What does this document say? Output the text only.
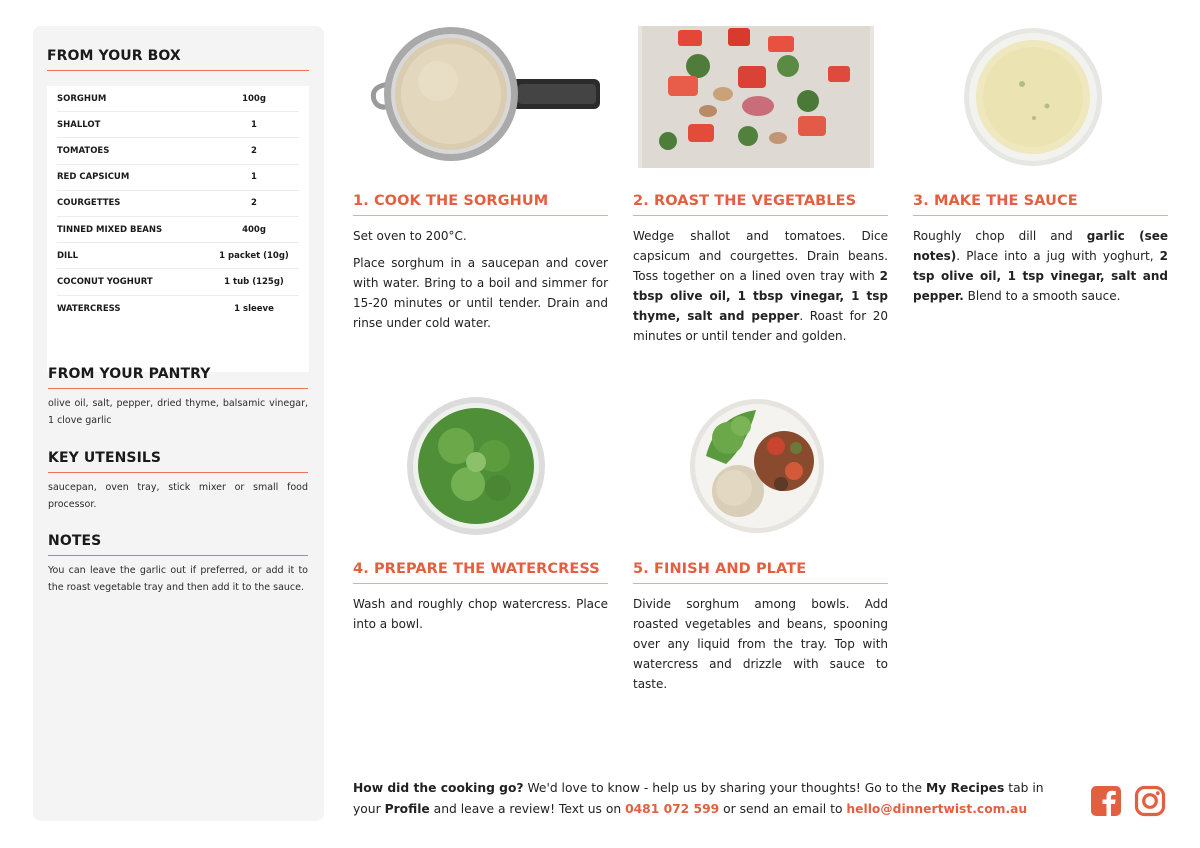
FROM YOUR BOX
SORGHUM	100g
SHALLOT	1
TOMATOES	2
RED CAPSICUM	1
COURGETTES	2
TINNED MIXED BEANS	400g
DILL	1 packet (10g)
COCONUT YOGHURT	1 tub (125g)
WATERCRESS	1 sleeve
FROM YOUR PANTRY
olive oil, salt, pepper, dried thyme, balsamic vinegar, 1 clove garlic
KEY UTENSILS
saucepan, oven tray, stick mixer or small food processor.
NOTES
You can leave the garlic out if preferred, or add it to the roast vegetable tray and then add it to the sauce.
1. COOK THE SORGHUM

Set oven to 200°C.

Place sorghum in a saucepan and cover with water. Bring to a boil and simmer for 15-20 minutes or until tender. Drain and rinse under cold water.

2. ROAST THE VEGETABLES
Wedge shallot and tomatoes. Dice capsicum and courgettes. Drain beans. Toss together on a lined oven tray with 2 tbsp olive oil, 1 tbsp vinegar, 1 tsp thyme, salt and pepper. Roast for 20 minutes or until tender and golden.
3. MAKE THE SAUCE
Roughly chop dill and garlic (see notes). Place into a jug with yoghurt, 2 tsp olive oil, 1 tsp vinegar, salt and pepper. Blend to a smooth sauce.
4. PREPARE THE WATERCRESS

Wash and roughly chop watercress. Place into a bowl.

5. FINISH AND PLATE

Divide sorghum among bowls. Add roasted vegetables and beans, spooning over any liquid from the tray. Top with watercress and drizzle with sauce to taste.

How did the cooking go? We'd love to know - help us by sharing your thoughts! Go to the My Recipes tab in your Profile and leave a review! Text us on 0481 072 599 or send an email to hello@dinnertwist.com.au
